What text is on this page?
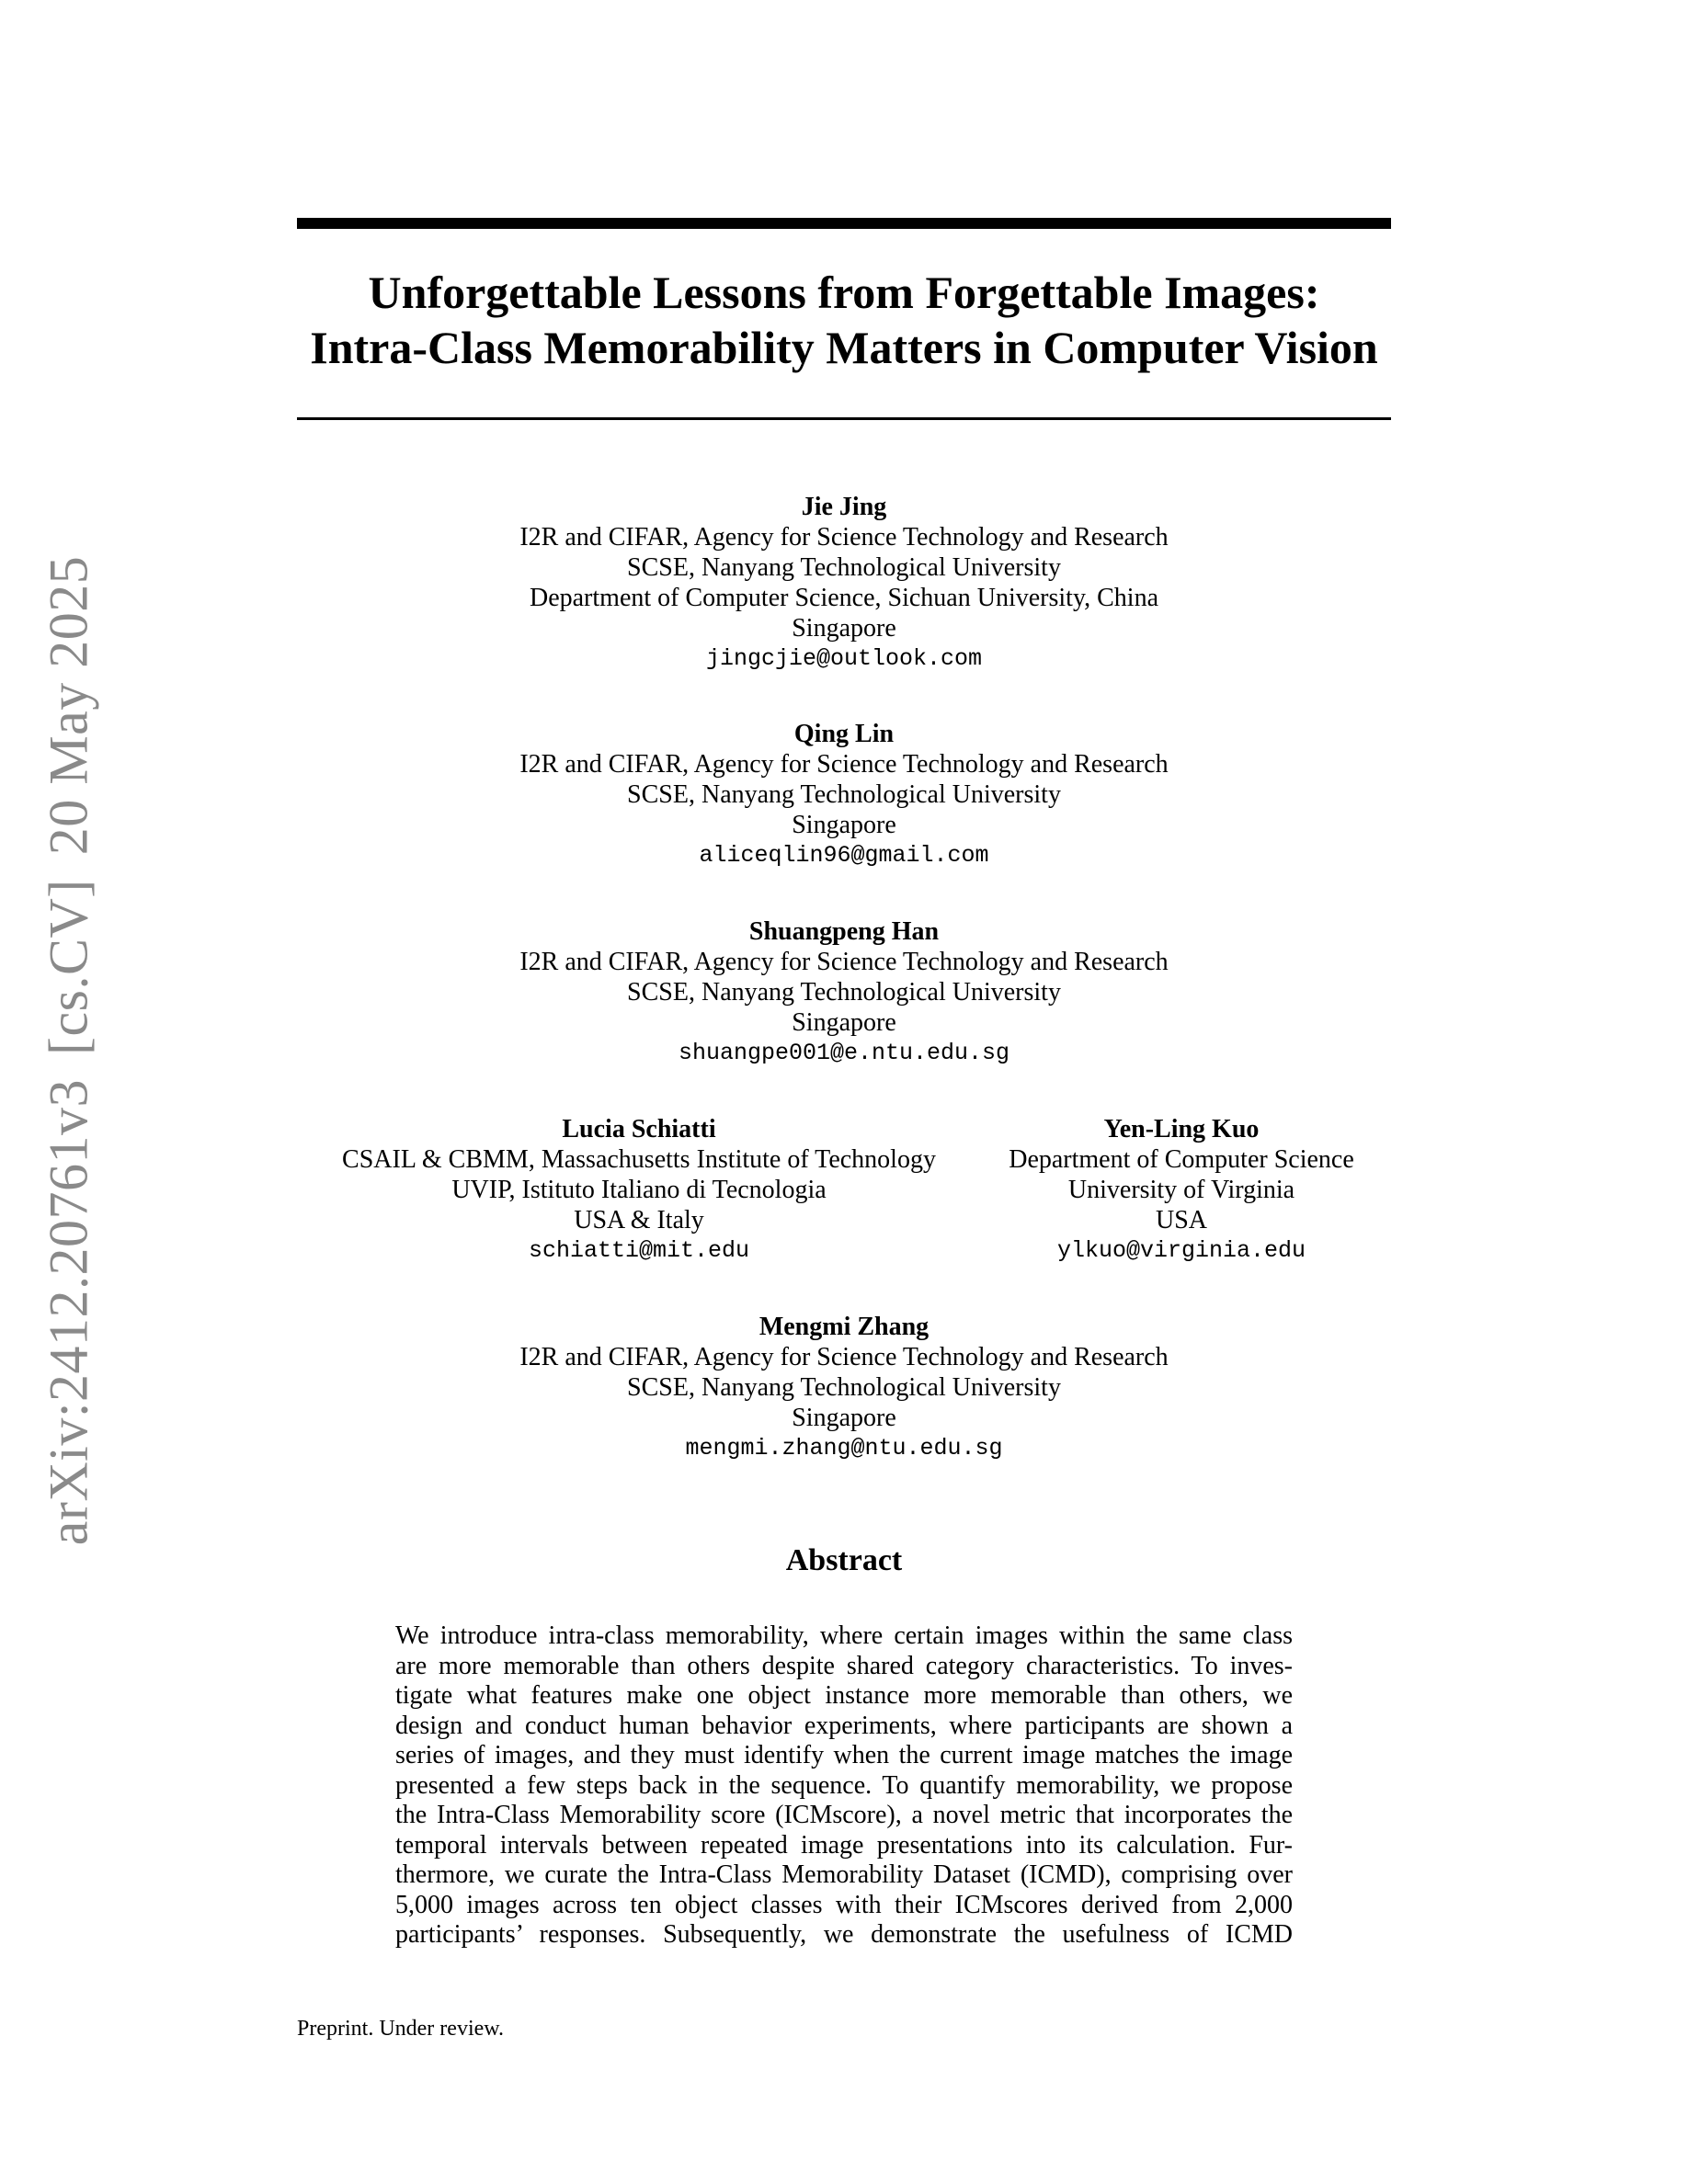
arXiv:2412.20761v3[cs.CV]20 May 2025
Unforgettable Lessons from Forgettable Images:
Intra-Class Memorability Matters in Computer Vision
Jie Jing
I2R and CIFAR, Agency for Science Technology and Research
SCSE, Nanyang Technological University
Department of Computer Science, Sichuan University, China
Singapore
jingcjie@outlook.com
Qing Lin
I2R and CIFAR, Agency for Science Technology and Research
SCSE, Nanyang Technological University
Singapore
aliceqlin96@gmail.com
Shuangpeng Han
I2R and CIFAR, Agency for Science Technology and Research
SCSE, Nanyang Technological University
Singapore
shuangpe001@e.ntu.edu.sg
Lucia Schiatti
CSAIL & CBMM, Massachusetts Institute of Technology
UVIP, Istituto Italiano di Tecnologia
USA & Italy
schiatti@mit.edu
Yen-Ling Kuo
Department of Computer Science
University of Virginia
USA
ylkuo@virginia.edu
Mengmi Zhang
I2R and CIFAR, Agency for Science Technology and Research
SCSE, Nanyang Technological University
Singapore
mengmi.zhang@ntu.edu.sg
Abstract
We introduce intra-class memorability, where certain images within the same class
are more memorable than others despite shared category characteristics. To inves-
tigate what features make one object instance more memorable than others, we
design and conduct human behavior experiments, where participants are shown a
series of images, and they must identify when the current image matches the image
presented a few steps back in the sequence. To quantify memorability, we propose
the Intra-Class Memorability score (ICMscore), a novel metric that incorporates the
temporal intervals between repeated image presentations into its calculation. Fur-
thermore, we curate the Intra-Class Memorability Dataset (ICMD), comprising over
5,000 images across ten object classes with their ICMscores derived from 2,000
participants’ responses. Subsequently, we demonstrate the usefulness of ICMD
Preprint. Under review.
